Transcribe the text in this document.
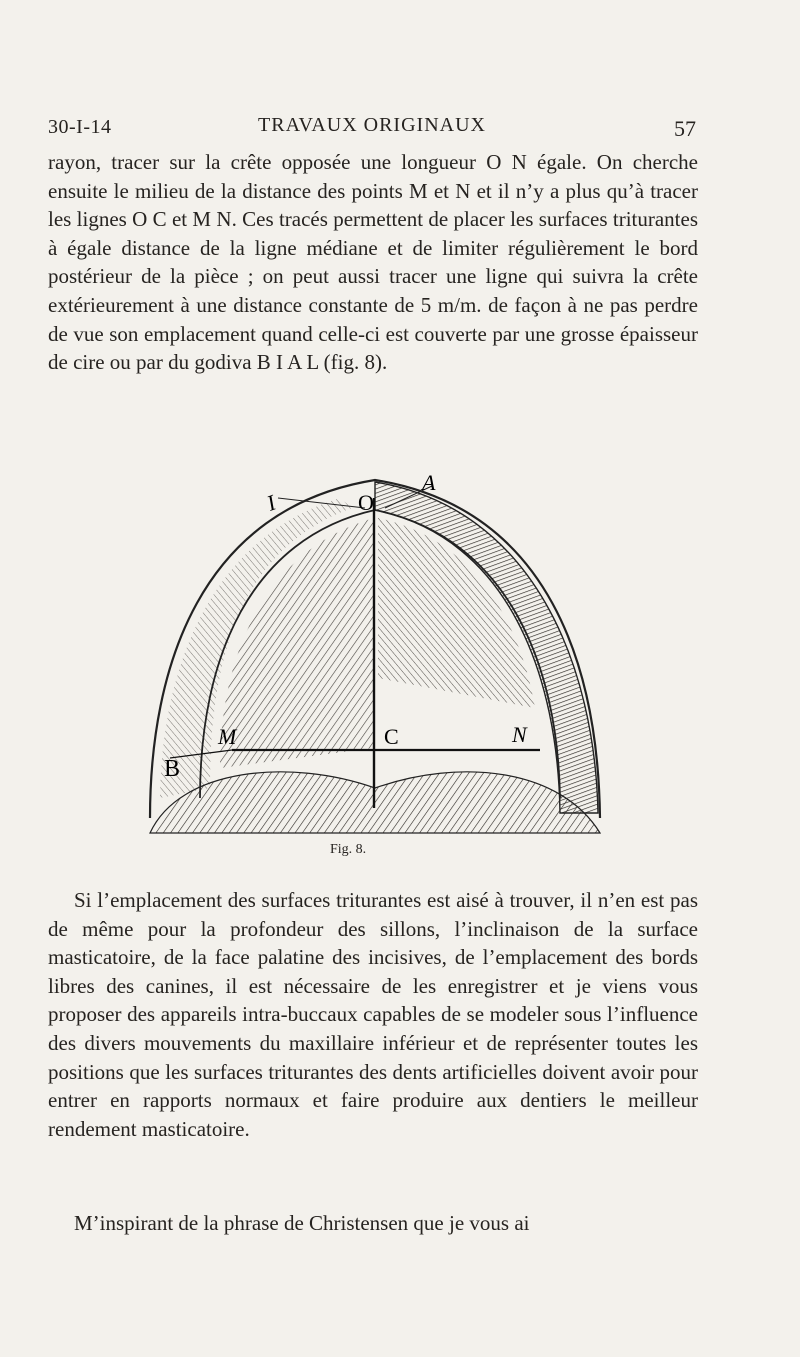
30-I-14	TRAVAUX ORIGINAUX	57

rayon, tracer sur la crête opposée une longueur O N égale. On cherche ensuite le milieu de la distance des points M et N et il n’y a plus qu’à tracer les lignes O C et M N. Ces tracés permettent de placer les surfaces triturantes à égale distance de la ligne médiane et de limiter régulièrement le bord postérieur de la pièce ; on peut aussi tracer une ligne qui suivra la crête extérieurement à une distance constante de 5 m/m. de façon à ne pas perdre de vue son emplacement quand celle-ci est couverte par une grosse épaisseur de cire ou par du godiva B I A L (fig. 8).

I	O
A
C	N
B
M
Fig. 8.

Si l’emplacement des surfaces triturantes est aisé à trouver, il n’en est pas de même pour la profondeur des sillons, l’inclinaison de la surface masticatoire, de la face palatine des incisives, de l’emplacement des bords libres des canines, il est nécessaire de les enregistrer et je viens vous proposer des appareils intra-buccaux capables de se modeler sous l’influence des divers mouvements du maxillaire inférieur et de représenter toutes les positions que les surfaces triturantes des dents artificielles doivent avoir pour entrer en rapports normaux et faire produire aux dentiers le meilleur rendement masticatoire.

M’inspirant de la phrase de Christensen que je vous ai
